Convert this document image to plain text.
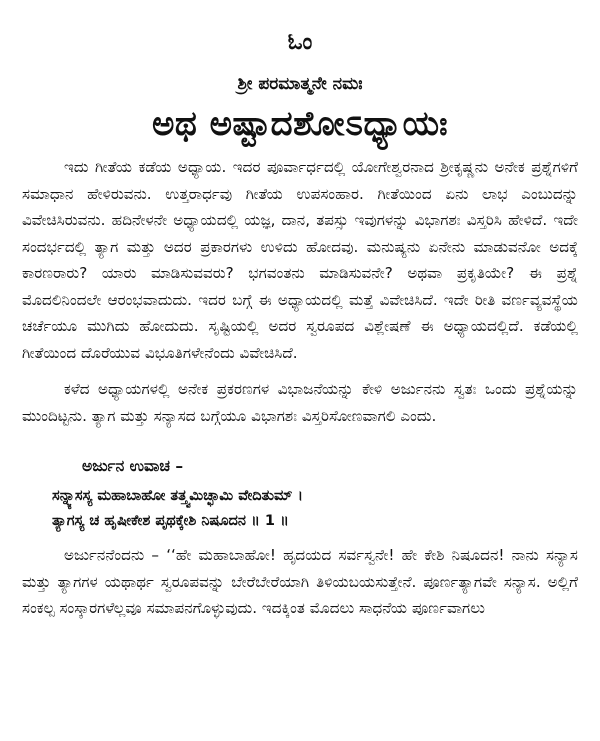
ಓಂ
ಶ್ರೀ ಪರಮಾತ್ಮನೇ ನಮಃ
ಅಥ ಅಷ್ಟಾದಶೋಽಧ್ಯಾಯಃ

ಇದು ಗೀತೆಯ ಕಡೆಯ ಅಧ್ಯಾಯ. ಇದರ ಪೂರ್ವಾರ್ಧದಲ್ಲಿ ಯೋಗೇಶ್ವರನಾದ ಶ್ರೀಕೃಷ್ಣನು ಅನೇಕ ಪ್ರಶ್ನೆಗಳಿಗೆ ಸಮಾಧಾನ ಹೇಳಿರುವನು. ಉತ್ತರಾರ್ಧವು ಗೀತೆಯ ಉಪಸಂಹಾರ. ಗೀತೆಯಿಂದ ಏನು ಲಾಭ ಎಂಬುದನ್ನು ವಿವೇಚಿಸಿರುವನು. ಹದಿನೇಳನೇ ಅಧ್ಯಾಯದಲ್ಲಿ ಯಜ್ಞ, ದಾನ, ತಪಸ್ಸು ಇವುಗಳನ್ನು ವಿಭಾಗಶಃ ವಿಸ್ತರಿಸಿ ಹೇಳಿದೆ. ಇದೇ ಸಂದರ್ಭದಲ್ಲಿ ತ್ಯಾಗ ಮತ್ತು ಅದರ ಪ್ರಕಾರಗಳು ಉಳಿದು ಹೋದವು. ಮನುಷ್ಯನು ಏನೇನು ಮಾಡುವನೋ ಅದಕ್ಕೆ ಕಾರಣರಾರು? ಯಾರು ಮಾಡಿಸುವವರು? ಭಗವಂತನು ಮಾಡಿಸುವನೇ? ಅಥವಾ ಪ್ರಕೃತಿಯೇ? ಈ ಪ್ರಶ್ನೆ ಮೊದಲಿನಿಂದಲೇ ಆರಂಭವಾದುದು. ಇದರ ಬಗ್ಗೆ ಈ ಅಧ್ಯಾಯದಲ್ಲಿ ಮತ್ತೆ ವಿವೇಚಿಸಿದೆ. ಇದೇ ರೀತಿ ವರ್ಣವ್ಯವಸ್ಥೆಯ ಚರ್ಚೆಯೂ ಮುಗಿದು ಹೋದುದು. ಸೃಷ್ಟಿಯಲ್ಲಿ ಅದರ ಸ್ವರೂಪದ ವಿಶ್ಲೇಷಣೆ ಈ ಅಧ್ಯಾಯದಲ್ಲಿದೆ. ಕಡೆಯಲ್ಲಿ ಗೀತೆಯಿಂದ ದೊರೆಯುವ ವಿಭೂತಿಗಳೇನೆಂದು ವಿವೇಚಿಸಿದೆ.

ಕಳೆದ ಅಧ್ಯಾಯಗಳಲ್ಲಿ ಅನೇಕ ಪ್ರಕರಣಗಳ ವಿಭಾಜನೆಯನ್ನು ಕೇಳಿ ಅರ್ಜುನನು ಸ್ವತಃ ಒಂದು ಪ್ರಶ್ನೆಯನ್ನು ಮುಂದಿಟ್ಟನು. ತ್ಯಾಗ ಮತ್ತು ಸನ್ಯಾಸದ ಬಗ್ಗೆಯೂ ವಿಭಾಗಶಃ ವಿಸ್ತರಿಸೋಣವಾಗಲಿ ಎಂದು.

ಅರ್ಜುನ ಉವಾಚ –
ಸನ್ನ್ಯಾಸಸ್ಯ ಮಹಾಬಾಹೋ ತತ್ತ್ವಮಿಚ್ಛಾಮಿ ವೇದಿತುಮ್ ।
ತ್ಯಾಗಸ್ಯ ಚ ಹೃಷೀಕೇಶ ಪೃಥಕ್ಕೇಶಿ ನಿಷೂದನ ॥ 1 ॥

ಅರ್ಜುನನೆಂದನು – ‘‘ಹೇ ಮಹಾಬಾಹೋ! ಹೃದಯದ ಸರ್ವಸ್ವನೇ! ಹೇ ಕೇಶಿ ನಿಷೂದನ! ನಾನು ಸನ್ಯಾಸ ಮತ್ತು ತ್ಯಾಗಗಳ ಯಥಾರ್ಥ ಸ್ವರೂಪವನ್ನು ಬೇರೆಬೇರೆಯಾಗಿ ತಿಳಿಯಬಯಸುತ್ತೇನೆ. ಪೂರ್ಣತ್ಯಾಗವೇ ಸನ್ಯಾಸ. ಅಲ್ಲಿಗೆ ಸಂಕಲ್ಪ ಸಂಸ್ಕಾರಗಳೆಲ್ಲವೂ ಸಮಾಪನಗೊಳ್ಳುವುದು. ಇದಕ್ಕಿಂತ ಮೊದಲು ಸಾಧನೆಯ ಪೂರ್ಣವಾಗಲು
